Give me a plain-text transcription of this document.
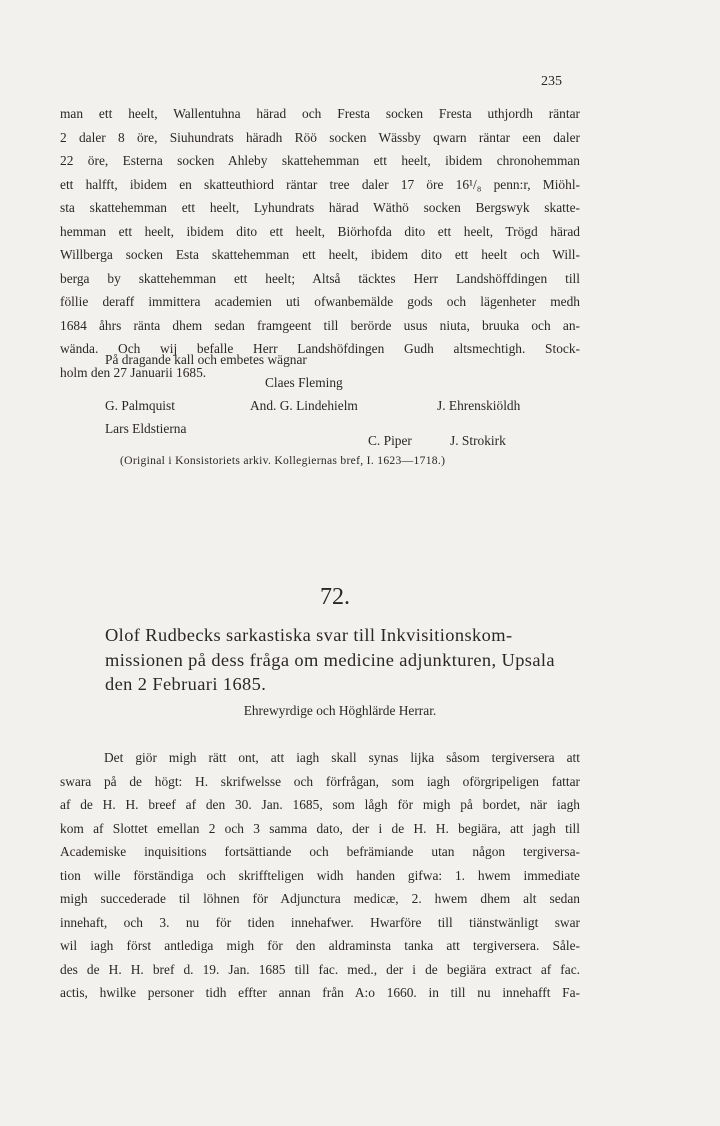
235
man ett heelt, Wallentuhna härad och Fresta socken Fresta uthjordh räntar
2 daler 8 öre, Siuhundrats häradh Röö socken Wässby qwarn räntar een daler
22 öre, Esterna socken Ahleby skattehemman ett heelt, ibidem chronohemman
ett halfft, ibidem en skatteuthiord räntar tree daler 17 öre 16¹/₈ penn:r, Miöhl-
sta skattehemman ett heelt, Lyhundrats härad Wäthö socken Bergswyk skatte-
hemman ett heelt, ibidem dito ett heelt, Biörhofda dito ett heelt, Trögd härad
Willberga socken Esta skattehemman ett heelt, ibidem dito ett heelt och Will-
berga by skattehemman ett heelt; Altså täcktes Herr Landshöffdingen till
föllie deraff immittera academien uti ofwanbemälde gods och lägenheter medh
1684 åhrs ränta dhem sedan framgeent till berörde usus niuta, bruuka och an-
wända. Och wij befalle Herr Landshöfdingen Gudh altsmechtigh. Stock-
holm den 27 Januarii 1685.
På dragande kall och embetes wägnar
Claes Fleming
G. Palmquist	And. G. Lindehielm	J. Ehrenskiöldh
Lars Eldstierna
C. Piper	J. Strokirk
(Original i Konsistoriets arkiv. Kollegiernas bref, I. 1623—1718.)
72.
Olof Rudbecks sarkastiska svar till Inkvisitionskom-
missionen på dess fråga om medicine adjunkturen, Upsala
den 2 Februari 1685.
Ehrewyrdige och Höghlärde Herrar.
Det giör migh rätt ont, att iagh skall synas lijka såsom tergiversera att
swara på de högt: H. skrifwelsse och förfrågan, som iagh oförgripeligen fattar
af de H. H. breef af den 30. Jan. 1685, som lågh för migh på bordet, när iagh
kom af Slottet emellan 2 och 3 samma dato, der i de H. H. begiära, att jagh till
Academiske inquisitions fortsättiande och befrämiande utan någon tergiversa-
tion wille förständiga och skriffteligen widh handen gifwa: 1. hwem immediate
migh succederade til löhnen för Adjunctura medicæ, 2. hwem dhem alt sedan
innehaft, och 3. nu för tiden innehafwer. Hwarföre till tiänstwänligt swar
wil iagh först antlediga migh för den aldraminsta tanka att tergiversera. Såle-
des de H. H. bref d. 19. Jan. 1685 till fac. med., der i de begiära extract af fac.
actis, hwilke personer tidh effter annan från A:o 1660. in till nu innehafft Fa-
